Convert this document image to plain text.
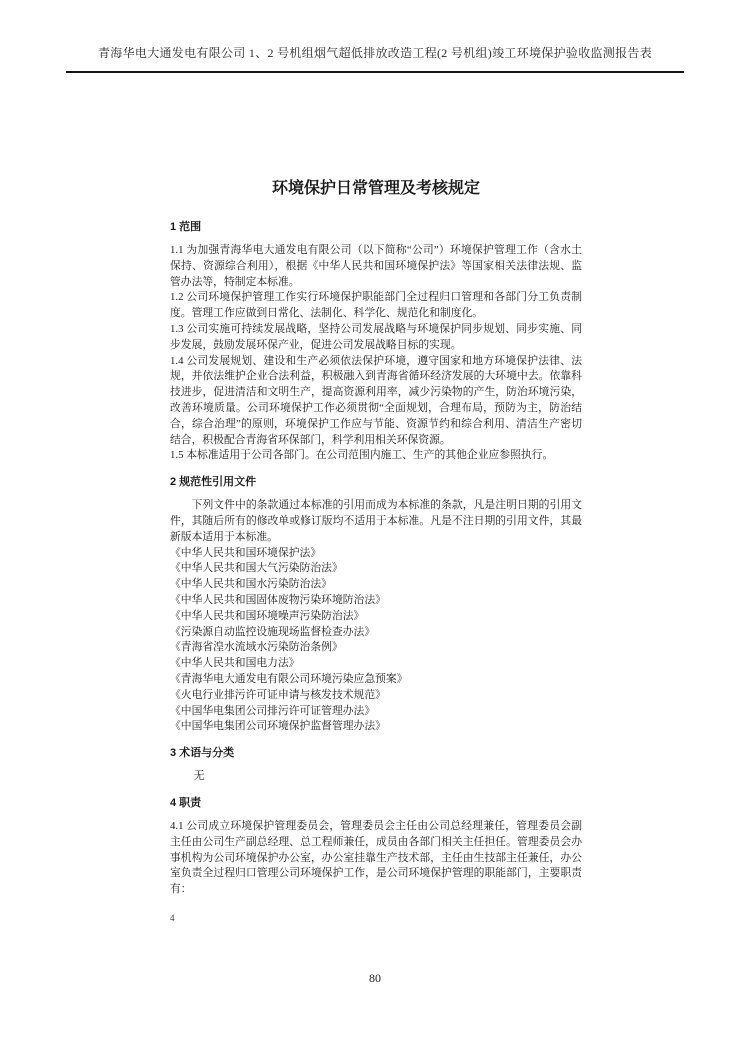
青海华电大通发电有限公司 1、2 号机组烟气超低排放改造工程(2 号机组)竣工环境保护验收监测报告表
环境保护日常管理及考核规定
1 范围

1.1 为加强青海华电大通发电有限公司（以下简称“公司”）环境保护管理工作（含水土保持、资源综合利用），根据《中华人民共和国环境保护法》等国家相关法律法规、监管办法等，特制定本标准。

1.2 公司环境保护管理工作实行环境保护职能部门全过程归口管理和各部门分工负责制度。管理工作应做到日常化、法制化、科学化、规范化和制度化。

1.3 公司实施可持续发展战略，坚持公司发展战略与环境保护同步规划、同步实施、同步发展，鼓励发展环保产业，促进公司发展战略目标的实现。

1.4 公司发展规划、建设和生产必须依法保护环境，遵守国家和地方环境保护法律、法规，并依法维护企业合法利益，积极融入到青海省循环经济发展的大环境中去。依靠科技进步，促进清洁和文明生产，提高资源利用率，减少污染物的产生，防治环境污染，改善环境质量。公司环境保护工作必须贯彻“全面规划，合理布局，预防为主，防治结合，综合治理”的原则，环境保护工作应与节能、资源节约和综合利用、清洁生产密切结合，积极配合青海省环保部门，科学利用相关环保资源。

1.5 本标准适用于公司各部门。在公司范围内施工、生产的其他企业应参照执行。

2 规范性引用文件

下列文件中的条款通过本标准的引用而成为本标准的条款，凡是注明日期的引用文件，其随后所有的修改单或修订版均不适用于本标准。凡是不注日期的引用文件，其最新版本适用于本标准。

《中华人民共和国环境保护法》
《中华人民共和国大气污染防治法》
《中华人民共和国水污染防治法》
《中华人民共和国固体废物污染环境防治法》
《中华人民共和国环境噪声污染防治法》
《污染源自动监控设施现场监督检查办法》
《青海省湟水流域水污染防治条例》
《中华人民共和国电力法》
《青海华电大通发电有限公司环境污染应急预案》
《火电行业排污许可证申请与核发技术规范》
《中国华电集团公司排污许可证管理办法》
《中国华电集团公司环境保护监督管理办法》
3 术语与分类

无

4 职责

4.1 公司成立环境保护管理委员会，管理委员会主任由公司总经理兼任，管理委员会副主任由公司生产副总经理、总工程师兼任，成员由各部门相关主任担任。管理委员会办事机构为公司环境保护办公室，办公室挂靠生产技术部，主任由生技部主任兼任，办公室负责全过程归口管理公司环境保护工作，是公司环境保护管理的职能部门，主要职责有：

4
80
